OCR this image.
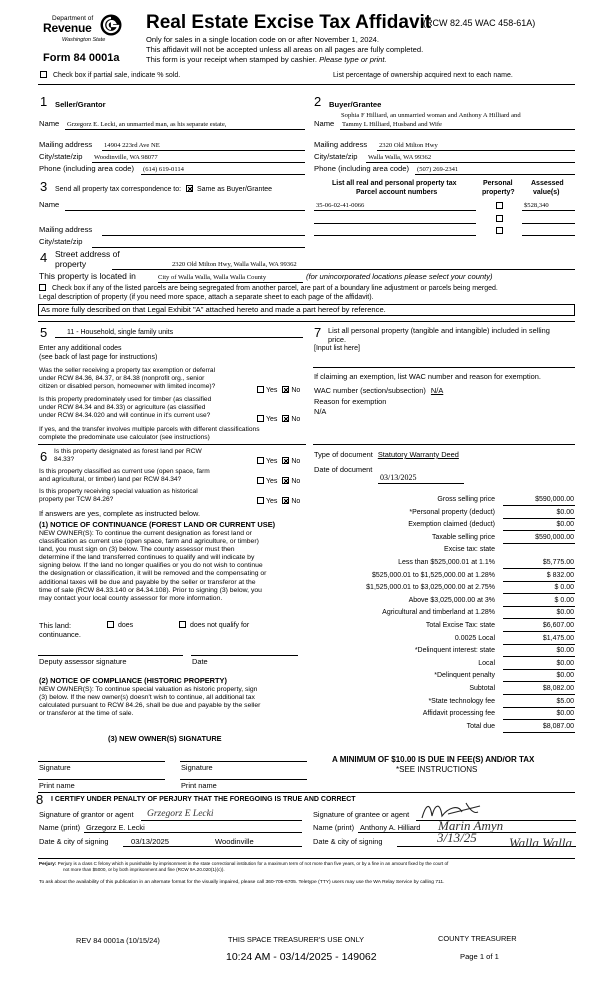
Department of
Revenue
Washington State
Form 84 0001a
Real Estate Excise Tax Affidavit
(RCW 82.45 WAC 458-61A)
Only for sales in a single location code on or after November 1, 2024.
This affidavit will not be accepted unless all areas on all pages are fully completed.
This form is your receipt when stamped by cashier. Please type or print.
Check box if partial sale, indicate % sold.	List percentage of ownership acquired next to each name.
1 Seller/Grantor
Name Grzegorz E. Lecki, an unmarried man, as his separate estate,
Mailing address 14904 223rd Ave NE
City/state/zip Woodinville, WA 98077
Phone (including area code) (614) 619-0114
2 Buyer/Grantee
Sophia F Hilliard, an unmarried woman and Anthony A Hilliard and
Name Tammy L Hilliard, Husband and Wife
Mailing address 2320 Old Milton Hwy
City/state/zip Walla Walla, WA 99362
Phone (including area code) (507) 269-2341
3 Send all property tax correspondence to: Same as Buyer/Grantee
Name
Mailing address
City/state/zip
List all real and personal property tax
Parcel account numbers
Personal
property?
Assessed
value(s)
35-06-02-41-0066	$528,340
4 Street address of
property	2320 Old Milton Hwy, Walla Walla, WA 99362
This property is located in	City of Walla Walla, Walla Walla County	(for unincorporated locations please select your county)
Check box if any of the listed parcels are being segregated from another parcel, are part of a boundary line adjustment or parcels being merged.
Legal description of property (if you need more space, attach a separate sheet to each page of the affidavit).
As more fully described on that Legal Exhibit "A" attached hereto and made a part hereof by reference.
5	11 - Household, single family units
Enter any additional codes
(see back of last page for instructions)
Was the seller receiving a property tax exemption or deferral
under RCW 84.36, 84.37, or 84.38 (nonprofit org., senior
citizen or disabled person, homeowner with limited income)?
Yes No
Is this property predominately used for timber (as classified
under RCW 84.34 and 84.33) or agriculture (as classified
under RCW 84.34.020 and will continue in it's current use?
Yes No
If yes, and the transfer involves multiple parcels with different classifications
complete the predominate use calculator (see instructions)
6 Is this property designated as forest land per RCW
84.33?	Yes No
Is this property classified as current use (open space, farm
and agricultural, or timber) land per RCW 84.34?	Yes No
Is this property receiving special valuation as historical
property per TCW 84.26?	Yes No
If answers are yes, complete as instructed below.
(1) NOTICE OF CONTINUANCE (FOREST LAND OR CURRENT USE)
NEW OWNER(S): To continue the current designation as forest land or
classification as current use (open space, farm and agriculture, or timber)
land, you must sign on (3) below. The county assessor must then
determine if the land transferred continues to qualify and will indicate by
signing below. If the land no longer qualifies or you do not wish to continue
the designation or classification, it will be removed and the compensating or
additional taxes will be due and payable by the seller or transferor at the
time of sale (RCW 84.33.140 or 84.34.108). Prior to signing (3) below, you
may contact your local county assessor for more information.
This land:
continuance.
does	does not qualify for
Deputy assessor signature	Date
(2) NOTICE OF COMPLIANCE (HISTORIC PROPERTY)
NEW OWNER(S): To continue special valuation as historic property, sign
(3) below. If the new owner(s) doesn't wish to continue, all additional tax
calculated pursuant to RCW 84.26, shall be due and payable by the seller
or transferor at the time of sale.
(3) NEW OWNER(S) SIGNATURE
Signature	Signature
Print name	Print name
7 List all personal property (tangible and intangible) included in selling
price.
[Input list here]
If claiming an exemption, list WAC number and reason for exemption.
WAC number (section/subsection) N/A
Reason for exemption
N/A
Type of document Statutory Warranty Deed
Date of document
03/13/2025
Gross selling price	$590,000.00
*Personal property (deduct)	$0.00
Exemption claimed (deduct)	$0.00
Taxable selling price	$590,000.00
Excise tax: state
Less than $525,000.01 at 1.1%	$5,775.00
$525,000.01 to $1,525,000.00 at 1.28%	$ 832.00
$1,525,000.01 to $3,025,000.00 at 2.75%	$ 0.00
Above $3,025,000.00 at 3%	$ 0.00
Agricultural and timberland at 1.28%	$0.00
Total Excise Tax: state	$6,607.00
0.0025 Local	$1,475.00
*Delinquent interest: state	$0.00
Local	$0.00
*Delinquent penalty	$0.00
Subtotal	$8,082.00
*State technology fee	$5.00
Affidavit processing fee	$0.00
Total due	$8,087.00
A MINIMUM OF $10.00 IS DUE IN FEE(S) AND/OR TAX
*SEE INSTRUCTIONS
8 I CERTIFY UNDER PENALTY OF PERJURY THAT THE FOREGOING IS TRUE AND CORRECT
Signature of grantor or agent Grzegorz E Lecki
Name (print) Grzegorz E. Lecki
Date & city of signing	03/13/2025	Woodinville
Signature of grantee or agent
Name (print) Anthony A. Hilliard Marin Amyn
Date & city of signing	3/13/25 Walla Walla
Perjury: Perjury is a class C felony which is punishable by imprisonment in the state correctional institution for a maximum term of not more than five years, or by a fine in an amount fixed by the court of
not more than $5000, or by both imprisonment and fine (RCW 9A.20.020(1)(c)).
To ask about the availability of this publication in an alternate format for the visually impaired, please call 360-705-6705. Teletype (TTY) users may use the WA Relay Service by calling 711.
REV 84 0001a (10/15/24)	THIS SPACE TREASURER'S USE ONLY	COUNTY TREASURER
10:24 AM - 03/14/2025 - 149062	Page 1 of 1
